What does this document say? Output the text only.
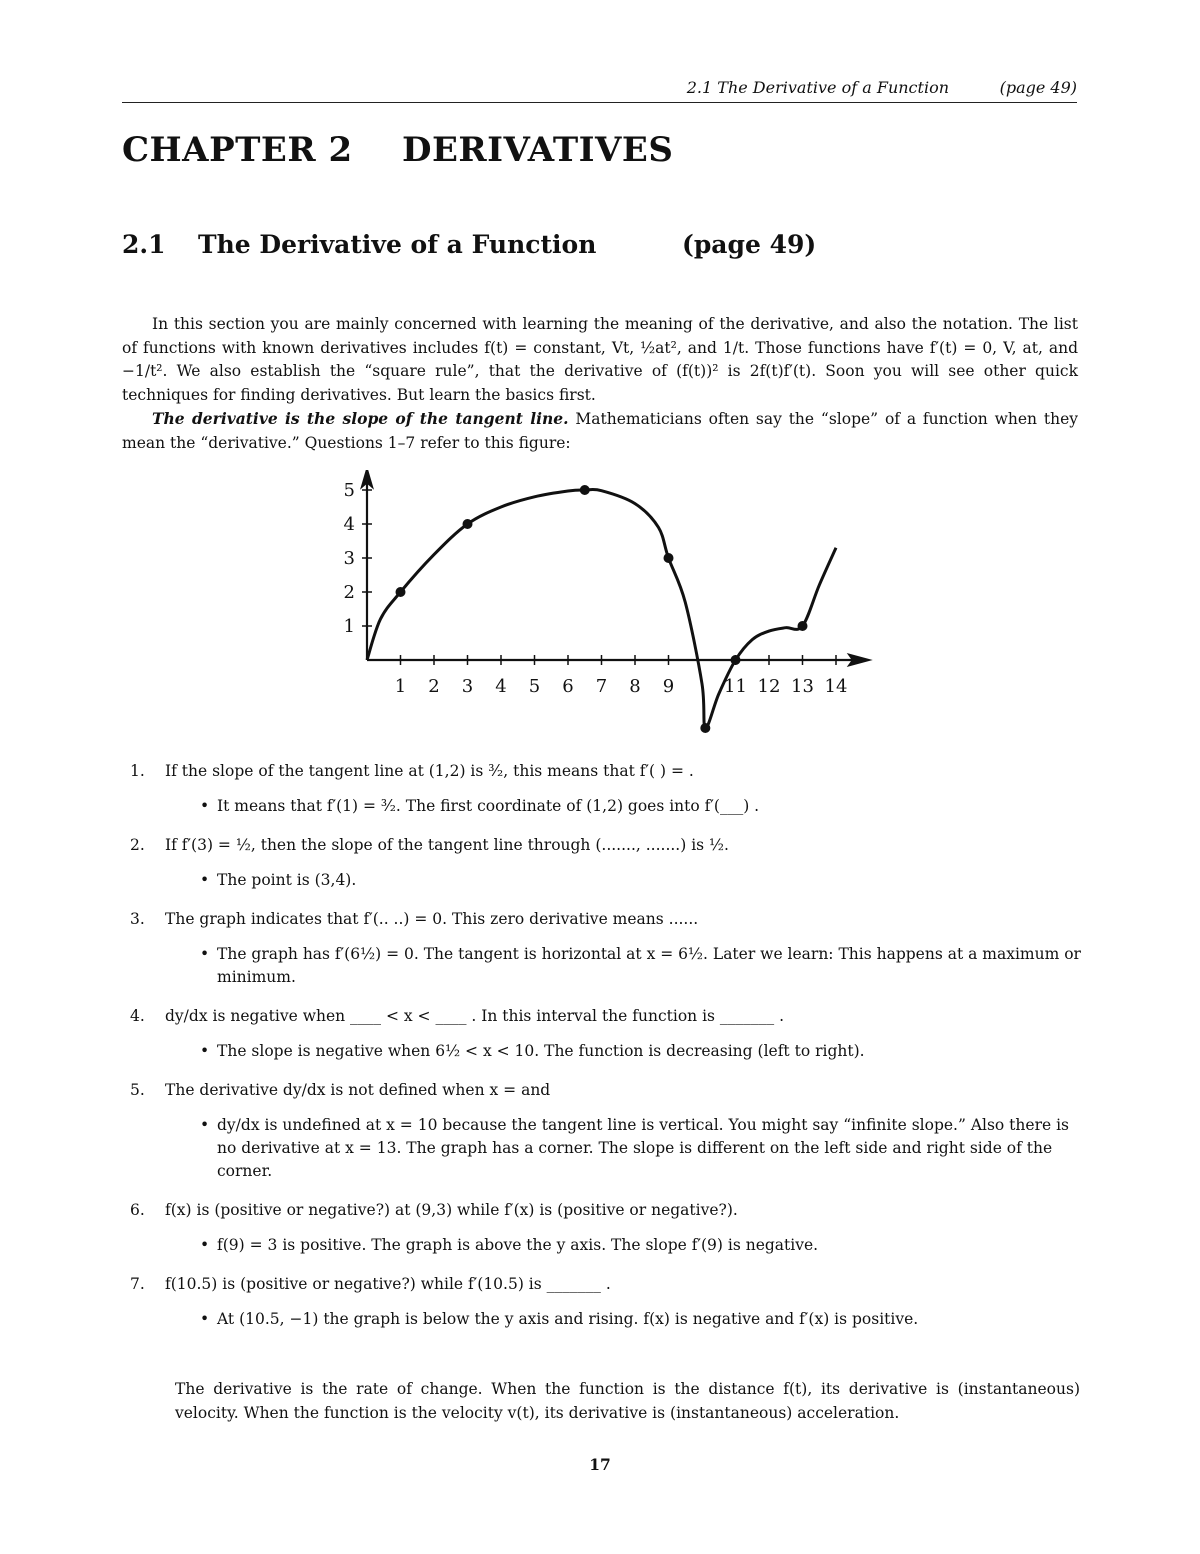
2.1 The Derivative of a Function	(page 49)
CHAPTER 2 DERIVATIVES
2.1 The Derivative of a Function	(page 49)

In this section you are mainly concerned with learning the meaning of the derivative, and also the notation. The list of functions with known derivatives includes f(t) = constant, Vt, ½at², and 1/t. Those functions have f′(t) = 0, V, at, and −1/t². We also establish the “square rule”, that the derivative of (f(t))² is 2f(t)f′(t). Soon you will see other quick techniques for finding derivatives. But learn the basics first.

The derivative is the slope of the tangent line. Mathematicians often say the “slope” of a function when they mean the “derivative.” Questions 1–7 refer to this figure:

1 2 3 4 5 6 7 8 9	11 12 13 14
1
2
3
4
5
1. If the slope of the tangent line at (1,2) is ³⁄₂, this means that f′( ) = .
• It means that f′(1) = ³⁄₂. The first coordinate of (1,2) goes into f′(___) .
2. If f′(3) = ½, then the slope of the tangent line through (......., .......) is ½.
• The point is (3,4).
3. The graph indicates that f′(.. ..) = 0. This zero derivative means ......
• The graph has f′(6½) = 0. The tangent is horizontal at x = 6½. Later we learn: This happens at a maximum or minimum.
4. dy/dx is negative when ____ < x < ____ . In this interval the function is _______ .
• The slope is negative when 6½ < x < 10. The function is decreasing (left to right).
5. The derivative dy/dx is not defined when x = and
• dy/dx is undefined at x = 10 because the tangent line is vertical. You might say “infinite slope.” Also there is no derivative at x = 13. The graph has a corner. The slope is different on the left side and right side of the corner.
6. f(x) is (positive or negative?) at (9,3) while f′(x) is (positive or negative?).
• f(9) = 3 is positive. The graph is above the y axis. The slope f′(9) is negative.
7. f(10.5) is (positive or negative?) while f′(10.5) is _______ .
• At (10.5, −1) the graph is below the y axis and rising. f(x) is negative and f′(x) is positive.
The derivative is the rate of change. When the function is the distance f(t), its derivative is (instantaneous) velocity. When the function is the velocity v(t), its derivative is (instantaneous) acceleration.
17
